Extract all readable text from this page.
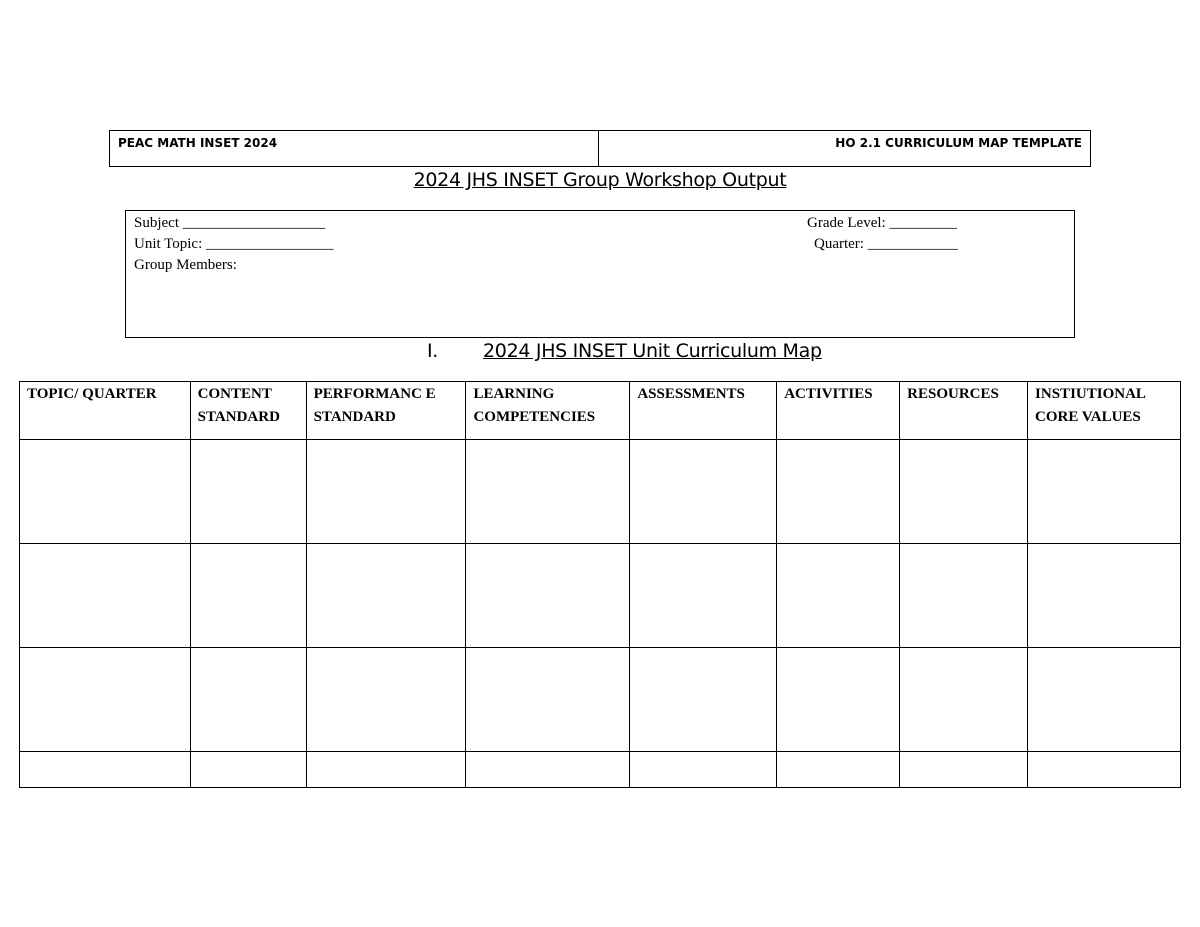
PEAC MATH INSET 2024	HO 2.1 CURRICULUM MAP TEMPLATE
2024 JHS INSET Group Workshop Output
Subject ___________________
Unit Topic: _________________
Group Members:
Grade Level: _________
Quarter: ____________
I. 2024 JHS INSET Unit Curriculum Map
TOPIC/ QUARTER	CONTENT STANDARD	PERFORMANC E STANDARD	LEARNING COMPETENCIES	ASSESSMENTS	ACTIVITIES	RESOURCES	INSTIUTIONAL CORE VALUES
